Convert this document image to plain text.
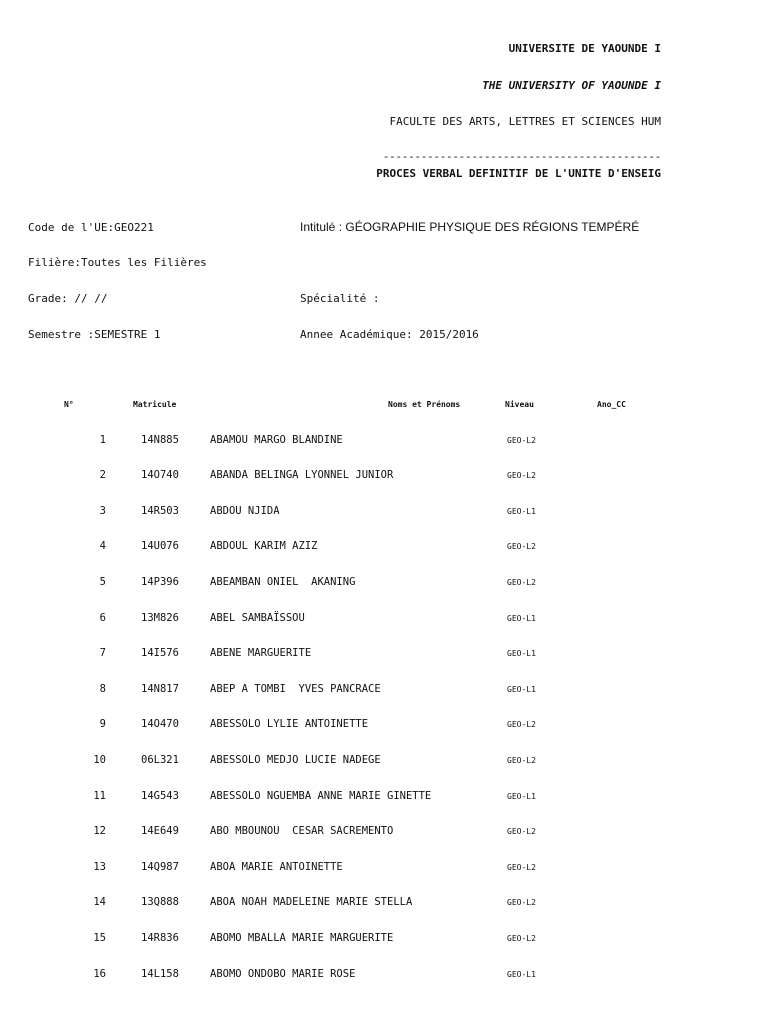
UNIVERSITE DE YAOUNDE I
THE UNIVERSITY OF YAOUNDE I
FACULTE DES ARTS, LETTRES ET SCIENCES HUM
--------------------------------------------
PROCES VERBAL DEFINITIF DE L'UNITE D'ENSEIG
Code de l'UE:GEO221	Intitulé : GÉOGRAPHIE PHYSIQUE DES RÉGIONS TEMPÉRÉ
Filière:Toutes les Filières
Grade: // //	Spécialité :
Semestre :SEMESTRE 1	Annee Académique: 2015/2016
N°	Matricule	Noms et Prénoms	Niveau	Ano_CC
1	14N885	ABAMOU MARGO BLANDINE	GEO-L2
2	14O740	ABANDA BELINGA LYONNEL JUNIOR	GEO-L2
3	14R503	ABDOU NJIDA	GEO-L1
4	14U076	ABDOUL KARIM AZIZ	GEO-L2
5	14P396	ABEAMBAN ONIEL  AKANING	GEO-L2
6	13M826	ABEL SAMBAÏSSOU	GEO-L1
7	14I576	ABENE MARGUERITE	GEO-L1
8	14N817	ABEP A TOMBI  YVES PANCRACE	GEO-L1
9	14O470	ABESSOLO LYLIE ANTOINETTE	GEO-L2
10	06L321	ABESSOLO MEDJO LUCIE NADEGE	GEO-L2
11	14G543	ABESSOLO NGUEMBA ANNE MARIE GINETTE	GEO-L1
12	14E649	ABO MBOUNOU  CESAR SACREMENTO	GEO-L2
13	14Q987	ABOA MARIE ANTOINETTE	GEO-L2
14	13Q888	ABOA NOAH MADELEINE MARIE STELLA	GEO-L2
15	14R836	ABOMO MBALLA MARIE MARGUERITE	GEO-L2
16	14L158	ABOMO ONDOBO MARIE ROSE	GEO-L1
